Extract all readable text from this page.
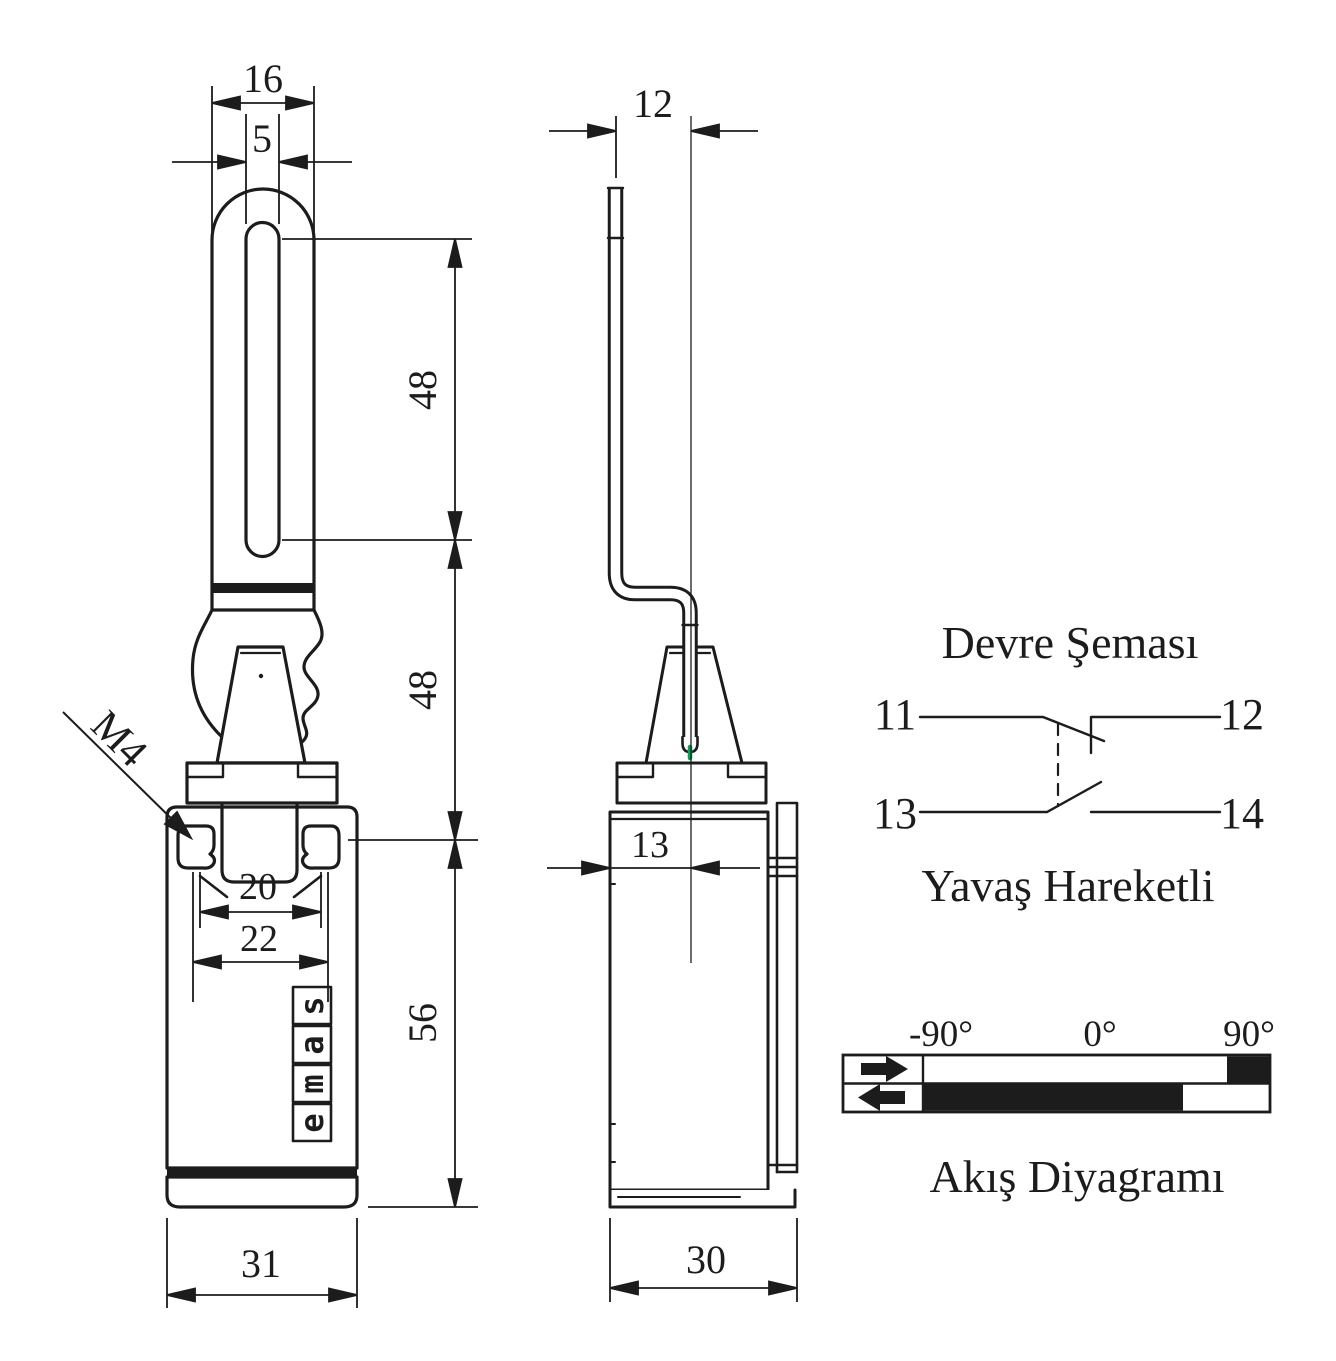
s
a
m
e
16
5
48
48
56
20
22
31
M4
12
13
30
Devre Şeması
11	12
13	14
Yavaş Hareketli
-90°	0°	90°
Akış Diyagramı
